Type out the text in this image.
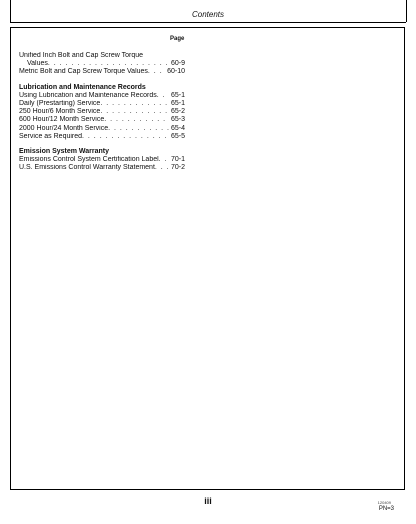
Contents
Page
Unified Inch Bolt and Cap Screw Torque
Values . . .	60-9
Metric Bolt and Cap Screw Torque Values . . .	60-10
Lubrication and Maintenance Records
Using Lubrication and Maintenance Records . . . 65-1
Daily (Prestarting) Service . . .	65-1
250 Hour/6 Month Service . . .	65-2
600 Hour/12 Month Service . . .	65-3
2000 Hour/24 Month Service . . .	65-4
Service as Required . . .	65-5
Emission System Warranty
Emissions Control System Certification Label . . . 70-1
U.S. Emissions Control Warranty Statement . . . 70-2
iii	120409
PN=3
